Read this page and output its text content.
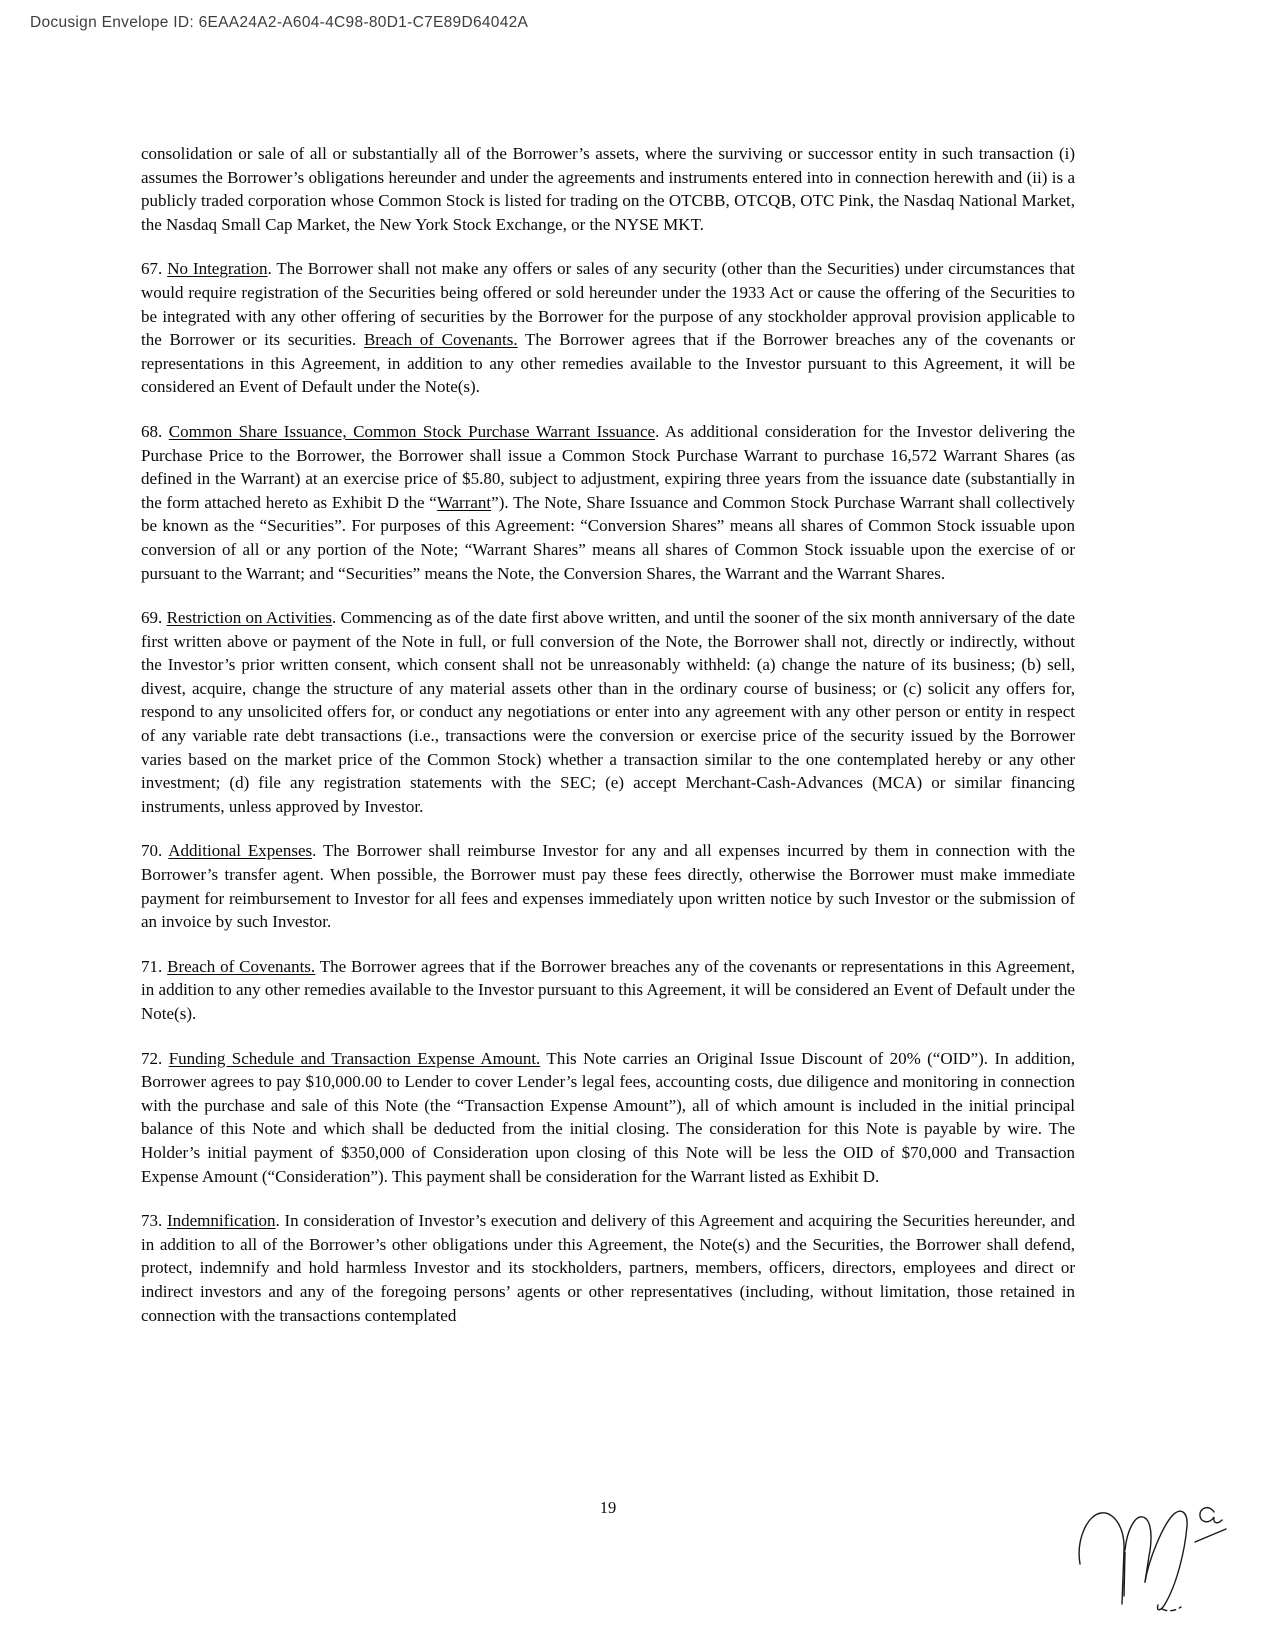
Docusign Envelope ID: 6EAA24A2-A604-4C98-80D1-C7E89D64042A

consolidation or sale of all or substantially all of the Borrower’s assets, where the surviving or successor entity in such transaction (i) assumes the Borrower’s obligations hereunder and under the agreements and instruments entered into in connection herewith and (ii) is a publicly traded corporation whose Common Stock is listed for trading on the OTCBB, OTCQB, OTC Pink, the Nasdaq National Market, the Nasdaq Small Cap Market, the New York Stock Exchange, or the NYSE MKT.

67. No Integration. The Borrower shall not make any offers or sales of any security (other than the Securities) under circumstances that would require registration of the Securities being offered or sold hereunder under the 1933 Act or cause the offering of the Securities to be integrated with any other offering of securities by the Borrower for the purpose of any stockholder approval provision applicable to the Borrower or its securities. Breach of Covenants. The Borrower agrees that if the Borrower breaches any of the covenants or representations in this Agreement, in addition to any other remedies available to the Investor pursuant to this Agreement, it will be considered an Event of Default under the Note(s).

68. Common Share Issuance, Common Stock Purchase Warrant Issuance. As additional consideration for the Investor delivering the Purchase Price to the Borrower, the Borrower shall issue a Common Stock Purchase Warrant to purchase 16,572 Warrant Shares (as defined in the Warrant) at an exercise price of $5.80, subject to adjustment, expiring three years from the issuance date (substantially in the form attached hereto as Exhibit D the “Warrant”). The Note, Share Issuance and Common Stock Purchase Warrant shall collectively be known as the “Securities”. For purposes of this Agreement: “Conversion Shares” means all shares of Common Stock issuable upon conversion of all or any portion of the Note; “Warrant Shares” means all shares of Common Stock issuable upon the exercise of or pursuant to the Warrant; and “Securities” means the Note, the Conversion Shares, the Warrant and the Warrant Shares.

69. Restriction on Activities. Commencing as of the date first above written, and until the sooner of the six month anniversary of the date first written above or payment of the Note in full, or full conversion of the Note, the Borrower shall not, directly or indirectly, without the Investor’s prior written consent, which consent shall not be unreasonably withheld: (a) change the nature of its business; (b) sell, divest, acquire, change the structure of any material assets other than in the ordinary course of business; or (c) solicit any offers for, respond to any unsolicited offers for, or conduct any negotiations or enter into any agreement with any other person or entity in respect of any variable rate debt transactions (i.e., transactions were the conversion or exercise price of the security issued by the Borrower varies based on the market price of the Common Stock) whether a transaction similar to the one contemplated hereby or any other investment; (d) file any registration statements with the SEC; (e) accept Merchant-Cash-Advances (MCA) or similar financing instruments, unless approved by Investor.

70. Additional Expenses. The Borrower shall reimburse Investor for any and all expenses incurred by them in connection with the Borrower’s transfer agent. When possible, the Borrower must pay these fees directly, otherwise the Borrower must make immediate payment for reimbursement to Investor for all fees and expenses immediately upon written notice by such Investor or the submission of an invoice by such Investor.

71. Breach of Covenants. The Borrower agrees that if the Borrower breaches any of the covenants or representations in this Agreement, in addition to any other remedies available to the Investor pursuant to this Agreement, it will be considered an Event of Default under the Note(s).

72. Funding Schedule and Transaction Expense Amount. This Note carries an Original Issue Discount of 20% (“OID”). In addition, Borrower agrees to pay $10,000.00 to Lender to cover Lender’s legal fees, accounting costs, due diligence and monitoring in connection with the purchase and sale of this Note (the “Transaction Expense Amount”), all of which amount is included in the initial principal balance of this Note and which shall be deducted from the initial closing. The consideration for this Note is payable by wire. The Holder’s initial payment of $350,000 of Consideration upon closing of this Note will be less the OID of $70,000 and Transaction Expense Amount (“Consideration”). This payment shall be consideration for the Warrant listed as Exhibit D.

73. Indemnification. In consideration of Investor’s execution and delivery of this Agreement and acquiring the Securities hereunder, and in addition to all of the Borrower’s other obligations under this Agreement, the Note(s) and the Securities, the Borrower shall defend, protect, indemnify and hold harmless Investor and its stockholders, partners, members, officers, directors, employees and direct or indirect investors and any of the foregoing persons’ agents or other representatives (including, without limitation, those retained in connection with the transactions contemplated

19
